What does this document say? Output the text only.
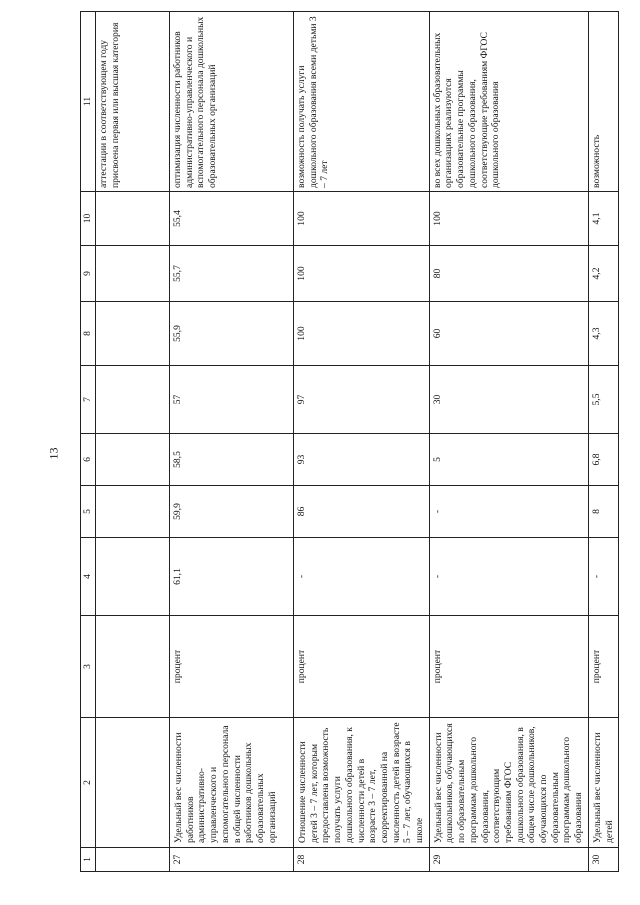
13
1	2	3	4	5	6	7	8	9	10	11
										аттестации в соответствующем году присвоена первая или высшая категория
27	Удельный вес численности работников административно-управленческого и вспомогательного персонала в общей численности работников дошкольных образовательных организаций	процент	61,1	59,9	58,5	57	55,9	55,7	55,4	оптимизация численности работников административно-управленческого и вспомогательного персонала дошкольных образовательных организаций
28	Отношение численности детей 3 – 7 лет, которым предоставлена возможность получать услуги дошкольного образования, к численности детей в возрасте 3 – 7 лет, скорректированной на численность детей в возрасте 5 – 7 лет, обучающихся в школе	процент	-	86	93	97	100	100	100	возможность получать услуги дошкольного образования всеми детьми 3 – 7 лет
29	Удельный вес численности дошкольников, обучающихся по образовательным программам дошкольного образования, соответствующим требованиям ФГОС дошкольного образования, в общем числе дошкольников, обучающихся по образовательным программам дошкольного образования	процент	-	-	5	30	60	80	100	во всех дошкольных образовательных организациях реализуются образовательные программы дошкольного образования, соответствующие требованиям ФГОС дошкольного образования
30	Удельный вес численности детей	процент	-	8	6,8	5,5	4,3	4,2	4,1	возможность
